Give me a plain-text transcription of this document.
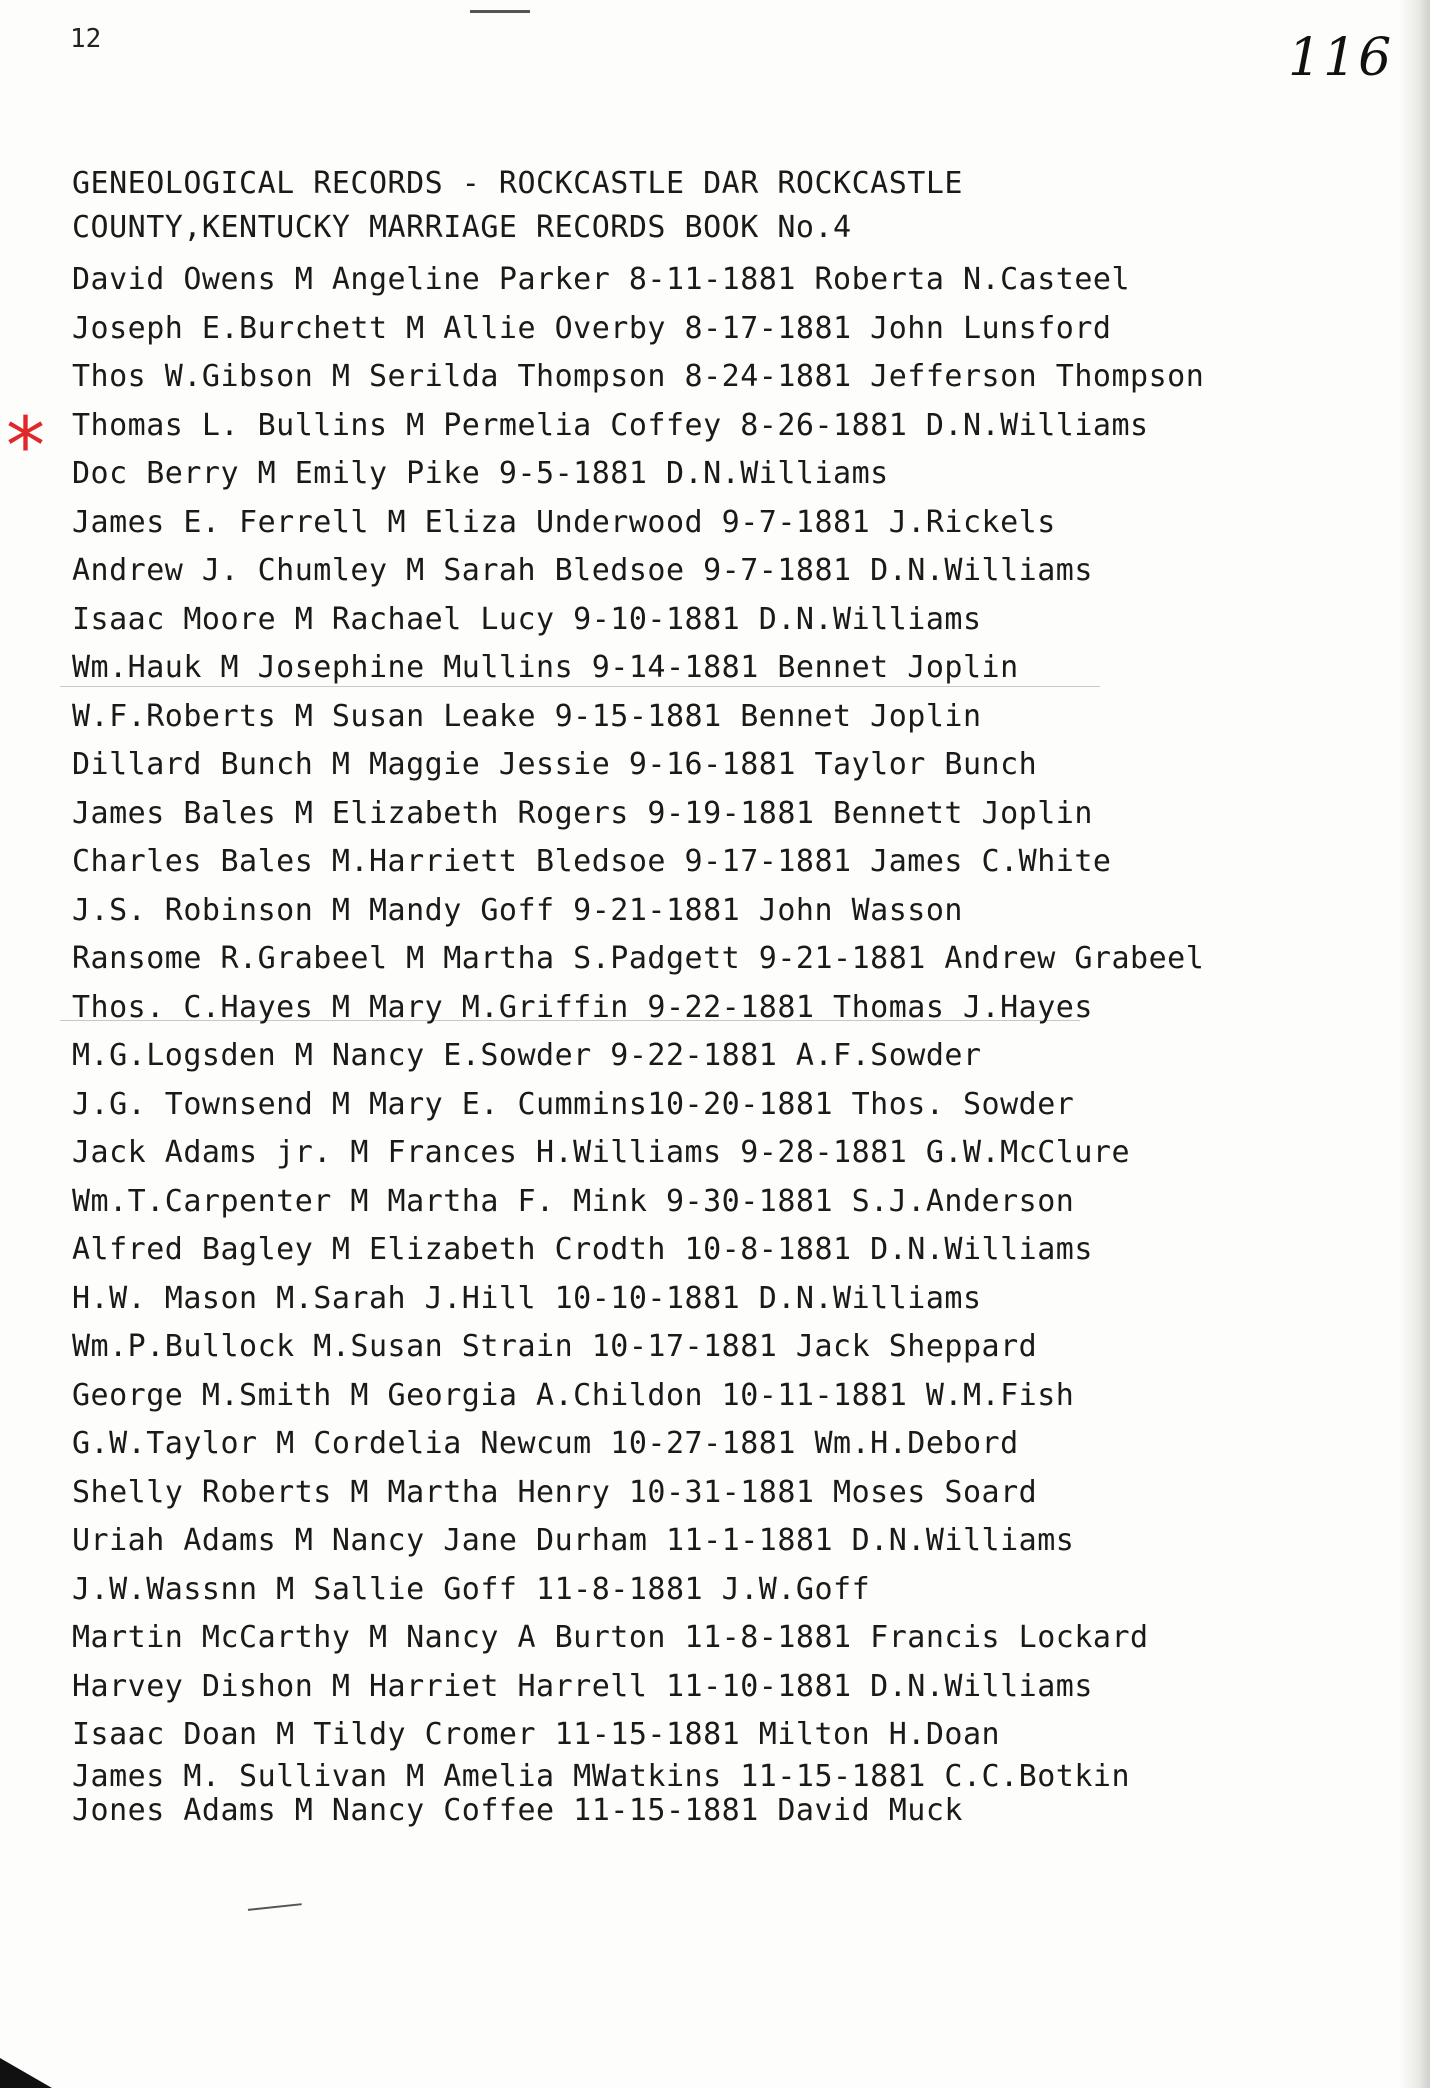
12	116
GENEOLOGICAL RECORDS - ROCKCASTLE DAR ROCKCASTLE
COUNTY,KENTUCKY MARRIAGE RECORDS BOOK No.4
*
David Owens M Angeline Parker 8-11-1881 Roberta N.Casteel
Joseph E.Burchett M Allie Overby 8-17-1881 John Lunsford
Thos W.Gibson M Serilda Thompson 8-24-1881 Jefferson Thompson
Thomas L. Bullins M Permelia Coffey 8-26-1881 D.N.Williams
Doc Berry M Emily Pike 9-5-1881 D.N.Williams
James E. Ferrell M Eliza Underwood 9-7-1881 J.Rickels
Andrew J. Chumley M Sarah Bledsoe 9-7-1881 D.N.Williams
Isaac Moore M Rachael Lucy 9-10-1881 D.N.Williams
Wm.Hauk M Josephine Mullins 9-14-1881 Bennet Joplin
W.F.Roberts M Susan Leake 9-15-1881 Bennet Joplin
Dillard Bunch M Maggie Jessie 9-16-1881 Taylor Bunch
James Bales M Elizabeth Rogers 9-19-1881 Bennett Joplin
Charles Bales M.Harriett Bledsoe 9-17-1881 James C.White
J.S. Robinson M Mandy Goff 9-21-1881 John Wasson
Ransome R.Grabeel M Martha S.Padgett 9-21-1881 Andrew Grabeel
Thos. C.Hayes M Mary M.Griffin 9-22-1881 Thomas J.Hayes
M.G.Logsden M Nancy E.Sowder 9-22-1881 A.F.Sowder
J.G. Townsend M Mary E. Cummins10-20-1881 Thos. Sowder
Jack Adams jr. M Frances H.Williams 9-28-1881 G.W.McClure
Wm.T.Carpenter M Martha F. Mink 9-30-1881 S.J.Anderson
Alfred Bagley M Elizabeth Crodth 10-8-1881 D.N.Williams
H.W. Mason M.Sarah J.Hill 10-10-1881 D.N.Williams
Wm.P.Bullock M.Susan Strain 10-17-1881 Jack Sheppard
George M.Smith M Georgia A.Childon 10-11-1881 W.M.Fish
G.W.Taylor M Cordelia Newcum 10-27-1881 Wm.H.Debord
Shelly Roberts M Martha Henry 10-31-1881 Moses Soard
Uriah Adams M Nancy Jane Durham 11-1-1881 D.N.Williams
J.W.Wassnn M Sallie Goff 11-8-1881 J.W.Goff
Martin McCarthy M Nancy A Burton 11-8-1881 Francis Lockard
Harvey Dishon M Harriet Harrell 11-10-1881 D.N.Williams
Isaac Doan M Tildy Cromer 11-15-1881 Milton H.Doan
James M. Sullivan M Amelia MWatkins 11-15-1881 C.C.Botkin
Jones Adams M Nancy Coffee 11-15-1881 David Muck
